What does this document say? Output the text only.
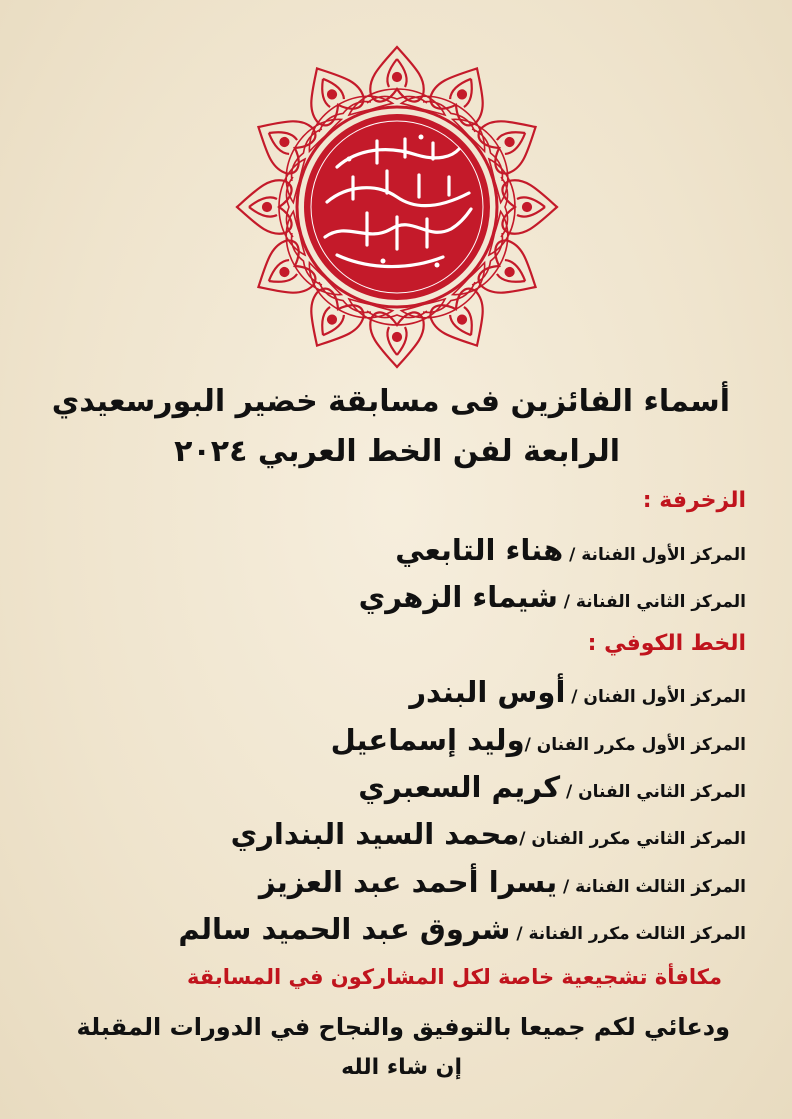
أسماء الفائزين فى مسابقة خضير البورسعيدي
الرابعة لفن الخط العربي ٢٠٢٤
الزخرفة :
المركز الأول الفنانة / هناء التابعي
المركز الثاني الفنانة / شيماء الزهري
الخط الكوفي :
المركز الأول الفنان / أوس البندر
المركز الأول مكرر الفنان /وليد إسماعيل
المركز الثاني الفنان / كريم السعبري
المركز الثاني مكرر الفنان /محمد السيد البنداري
المركز الثالث الفنانة / يسرا أحمد عبد العزيز
المركز الثالث مكرر الفنانة / شروق عبد الحميد سالم
مكافأة تشجيعية خاصة لكل المشاركون في المسابقة
ودعائي لكم جميعا بالتوفيق والنجاح في الدورات المقبلة
إن شاء الله
